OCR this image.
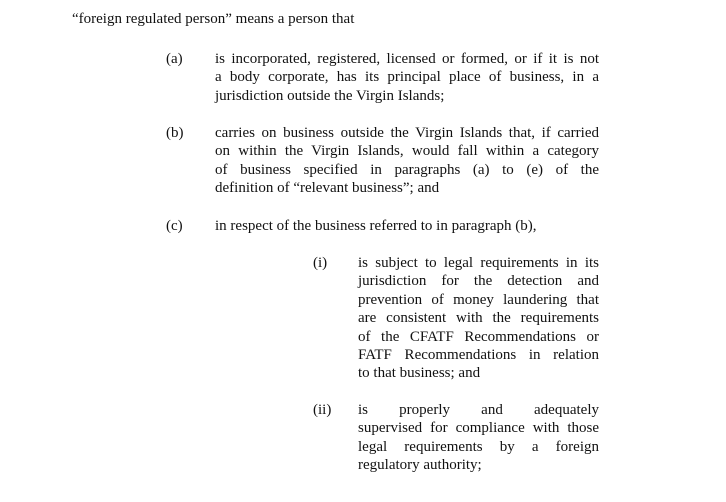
“foreign regulated person” means a person that
(a) is incorporated, registered, licensed or formed, or if it is not
a body corporate, has its principal place of business, in a
jurisdiction outside the Virgin Islands;
(b) carries on business outside the Virgin Islands that, if carried
on within the Virgin Islands, would fall within a category
of business specified in paragraphs (a) to (e) of the
definition of “relevant business”; and
(c) in respect of the business referred to in paragraph (b),
(i) is subject to legal requirements in its
jurisdiction for the detection and
prevention of money laundering that
are consistent with the requirements
of the CFATF Recommendations or
FATF Recommendations in relation
to that business; and
(ii) is properly and adequately
supervised for compliance with those
legal requirements by a foreign
regulatory authority;
